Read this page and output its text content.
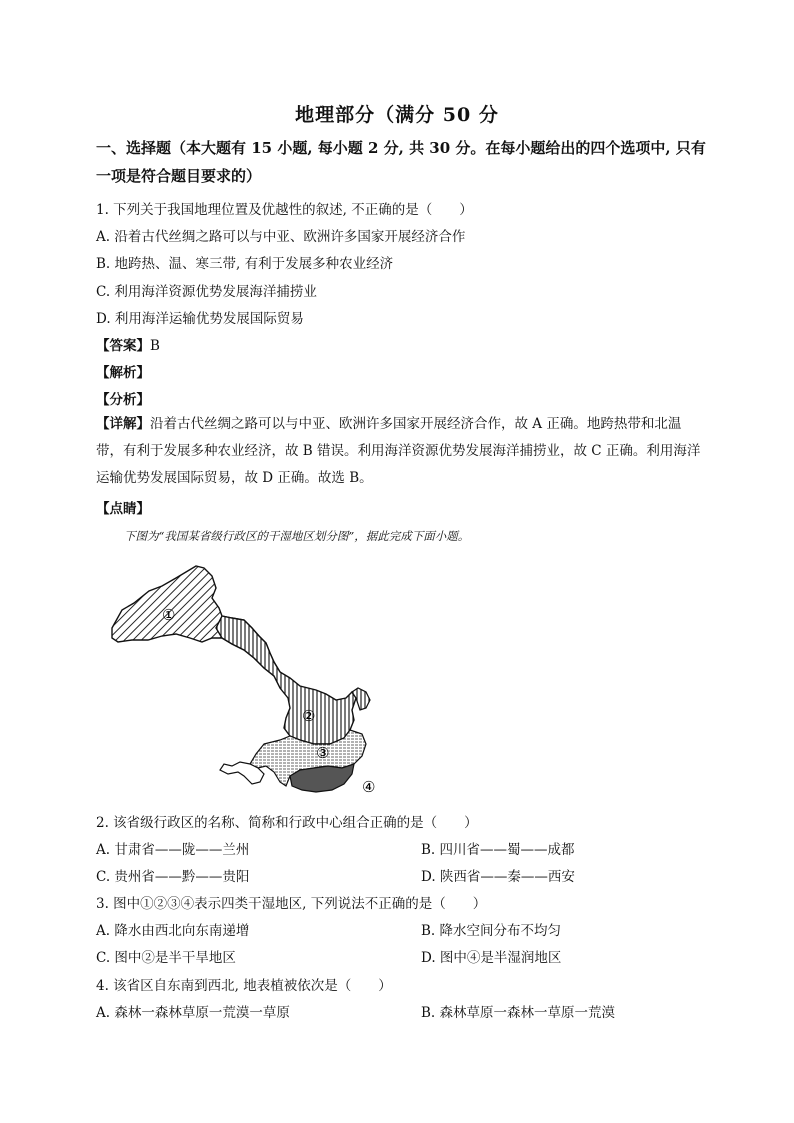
地理部分（满分 50 分
一、选择题（本大题有 15 小题, 每小题 2 分, 共 30 分。在每小题给出的四个选项中, 只有一项是符合题目要求的）
1. 下列关于我国地理位置及优越性的叙述, 不正确的是（　　）
A. 沿着古代丝绸之路可以与中亚、欧洲许多国家开展经济合作
B. 地跨热、温、寒三带, 有利于发展多种农业经济
C. 利用海洋资源优势发展海洋捕捞业
D. 利用海洋运输优势发展国际贸易
【答案】B
【解析】
【分析】
【详解】沿着古代丝绸之路可以与中亚、欧洲许多国家开展经济合作，故 A 正确。地跨热带和北温带，有利于发展多种农业经济，故 B 错误。利用海洋资源优势发展海洋捕捞业，故 C 正确。利用海洋运输优势发展国际贸易，故 D 正确。故选 B。
【点睛】
下图为“我国某省级行政区的干湿地区划分图”，据此完成下面小题。
①
②
③
④
2. 该省级行政区的名称、简称和行政中心组合正确的是（　　）
A. 甘肃省——陇——兰州	B. 四川省——蜀——成都
C. 贵州省——黔——贵阳	D. 陕西省——秦——西安
3. 图中①②③④表示四类干湿地区, 下列说法不正确的是（　　）
A. 降水由西北向东南递增	B. 降水空间分布不均匀
C. 图中②是半干旱地区	D. 图中④是半湿润地区
4. 该省区自东南到西北, 地表植被依次是（　　）
A. 森林一森林草原一荒漠一草原	B. 森林草原一森林一草原一荒漠
